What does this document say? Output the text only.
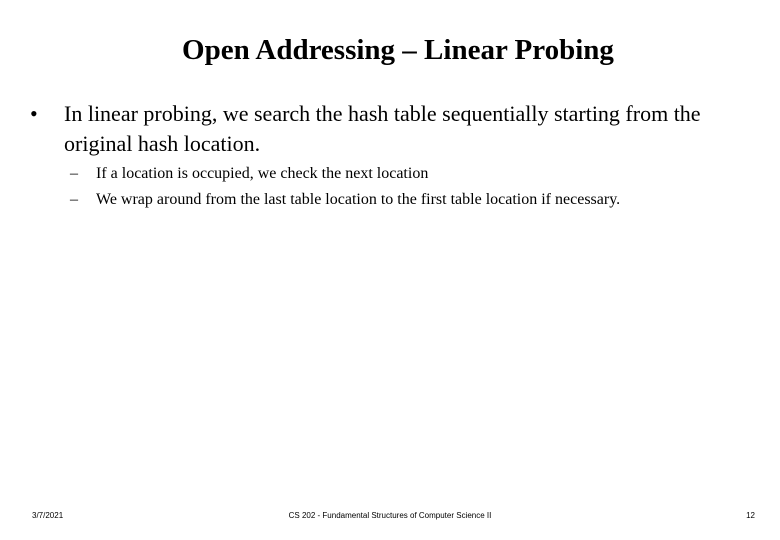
Open Addressing – Linear Probing
• In linear probing, we search the hash table sequentially starting from the original hash location.
– If a location is occupied, we check the next location
– We wrap around from the last table location to the first table location if necessary.
3/7/2021	CS 202 - Fundamental Structures of Computer Science II	12
